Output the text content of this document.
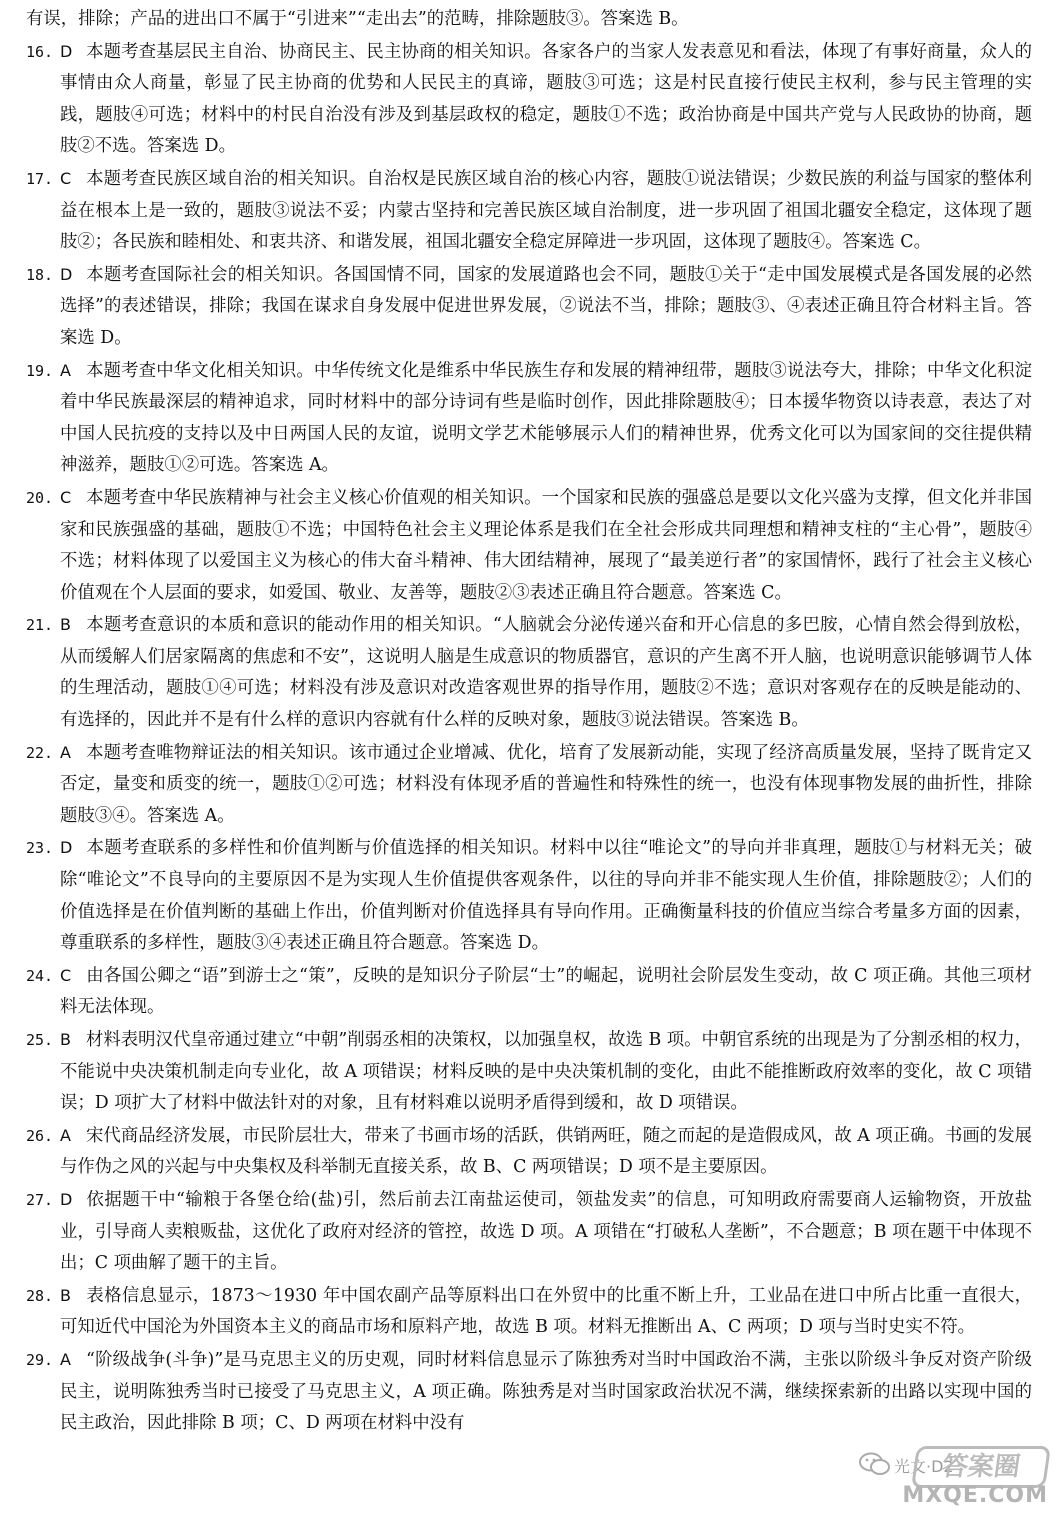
有误，排除；产品的进出口不属于“引进来”“走出去”的范畴，排除题肢③。答案选 B。
16. D 本题考查基层民主自治、协商民主、民主协商的相关知识。各家各户的当家人发表意见和看法，体现了有事好商量，众人的事情由众人商量，彰显了民主协商的优势和人民民主的真谛，题肢③可选；这是村民直接行使民主权利，参与民主管理的实践，题肢④可选；材料中的村民自治没有涉及到基层政权的稳定，题肢①不选；政治协商是中国共产党与人民政协的协商，题肢②不选。答案选 D。
17. C 本题考查民族区域自治的相关知识。自治权是民族区域自治的核心内容，题肢①说法错误；少数民族的利益与国家的整体利益在根本上是一致的，题肢③说法不妥；内蒙古坚持和完善民族区域自治制度，进一步巩固了祖国北疆安全稳定，这体现了题肢②；各民族和睦相处、和衷共济、和谐发展，祖国北疆安全稳定屏障进一步巩固，这体现了题肢④。答案选 C。
18. D 本题考查国际社会的相关知识。各国国情不同，国家的发展道路也会不同，题肢①关于“走中国发展模式是各国发展的必然选择”的表述错误，排除；我国在谋求自身发展中促进世界发展，②说法不当，排除；题肢③、④表述正确且符合材料主旨。答案选 D。
19. A 本题考查中华文化相关知识。中华传统文化是维系中华民族生存和发展的精神纽带，题肢③说法夸大，排除；中华文化积淀着中华民族最深层的精神追求，同时材料中的部分诗词有些是临时创作，因此排除题肢④；日本援华物资以诗表意，表达了对中国人民抗疫的支持以及中日两国人民的友谊，说明文学艺术能够展示人们的精神世界，优秀文化可以为国家间的交往提供精神滋养，题肢①②可选。答案选 A。
20. C 本题考查中华民族精神与社会主义核心价值观的相关知识。一个国家和民族的强盛总是要以文化兴盛为支撑，但文化并非国家和民族强盛的基础，题肢①不选；中国特色社会主义理论体系是我们在全社会形成共同理想和精神支柱的“主心骨”，题肢④不选；材料体现了以爱国主义为核心的伟大奋斗精神、伟大团结精神，展现了“最美逆行者”的家国情怀，践行了社会主义核心价值观在个人层面的要求，如爱国、敬业、友善等，题肢②③表述正确且符合题意。答案选 C。
21. B 本题考查意识的本质和意识的能动作用的相关知识。“人脑就会分泌传递兴奋和开心信息的多巴胺，心情自然会得到放松，从而缓解人们居家隔离的焦虑和不安”，这说明人脑是生成意识的物质器官，意识的产生离不开人脑，也说明意识能够调节人体的生理活动，题肢①④可选；材料没有涉及意识对改造客观世界的指导作用，题肢②不选；意识对客观存在的反映是能动的、有选择的，因此并不是有什么样的意识内容就有什么样的反映对象，题肢③说法错误。答案选 B。
22. A 本题考查唯物辩证法的相关知识。该市通过企业增减、优化，培育了发展新动能，实现了经济高质量发展，坚持了既肯定又否定，量变和质变的统一，题肢①②可选；材料没有体现矛盾的普遍性和特殊性的统一，也没有体现事物发展的曲折性，排除题肢③④。答案选 A。
23. D 本题考查联系的多样性和价值判断与价值选择的相关知识。材料中以往“唯论文”的导向并非真理，题肢①与材料无关；破除“唯论文”不良导向的主要原因不是为实现人生价值提供客观条件，以往的导向并非不能实现人生价值，排除题肢②；人们的价值选择是在价值判断的基础上作出，价值判断对价值选择具有导向作用。正确衡量科技的价值应当综合考量多方面的因素，尊重联系的多样性，题肢③④表述正确且符合题意。答案选 D。
24. C 由各国公卿之“语”到游士之“策”，反映的是知识分子阶层“士”的崛起，说明社会阶层发生变动，故 C 项正确。其他三项材料无法体现。
25. B 材料表明汉代皇帝通过建立“中朝”削弱丞相的决策权，以加强皇权，故选 B 项。中朝官系统的出现是为了分割丞相的权力，不能说中央决策机制走向专业化，故 A 项错误；材料反映的是中央决策机制的变化，由此不能推断政府效率的变化，故 C 项错误；D 项扩大了材料中做法针对的对象，且有材料难以说明矛盾得到缓和，故 D 项错误。
26. A 宋代商品经济发展，市民阶层壮大，带来了书画市场的活跃，供销两旺，随之而起的是造假成风，故 A 项正确。书画的发展与作伪之风的兴起与中央集权及科举制无直接关系，故 B、C 两项错误；D 项不是主要原因。
27. D 依据题干中“输粮于各堡仓给(盐)引，然后前去江南盐运使司，领盐发卖”的信息，可知明政府需要商人运输物资，开放盐业，引导商人卖粮贩盐，这优化了政府对经济的管控，故选 D 项。A 项错在“打破私人垄断”，不合题意；B 项在题干中体现不出；C 项曲解了题干的主旨。
28. B 表格信息显示，1873～1930 年中国农副产品等原料出口在外贸中的比重不断上升，工业品在进口中所占比重一直很大，可知近代中国沦为外国资本主义的商品市场和原料产地，故选 B 项。材料无推断出 A、C 两项；D 项与当时史实不符。
29. A “阶级战争(斗争)”是马克思主义的历史观，同时材料信息显示了陈独秀对当时中国政治不满，主张以阶级斗争反对资产阶级民主，说明陈独秀当时已接受了马克思主义，A 项正确。陈独秀是对当时国家政治状况不满，继续探索新的出路以实现中国的民主政治，因此排除 B 项；C、D 两项在材料中没有
光文·D2
答案圈
MXQE.COM
